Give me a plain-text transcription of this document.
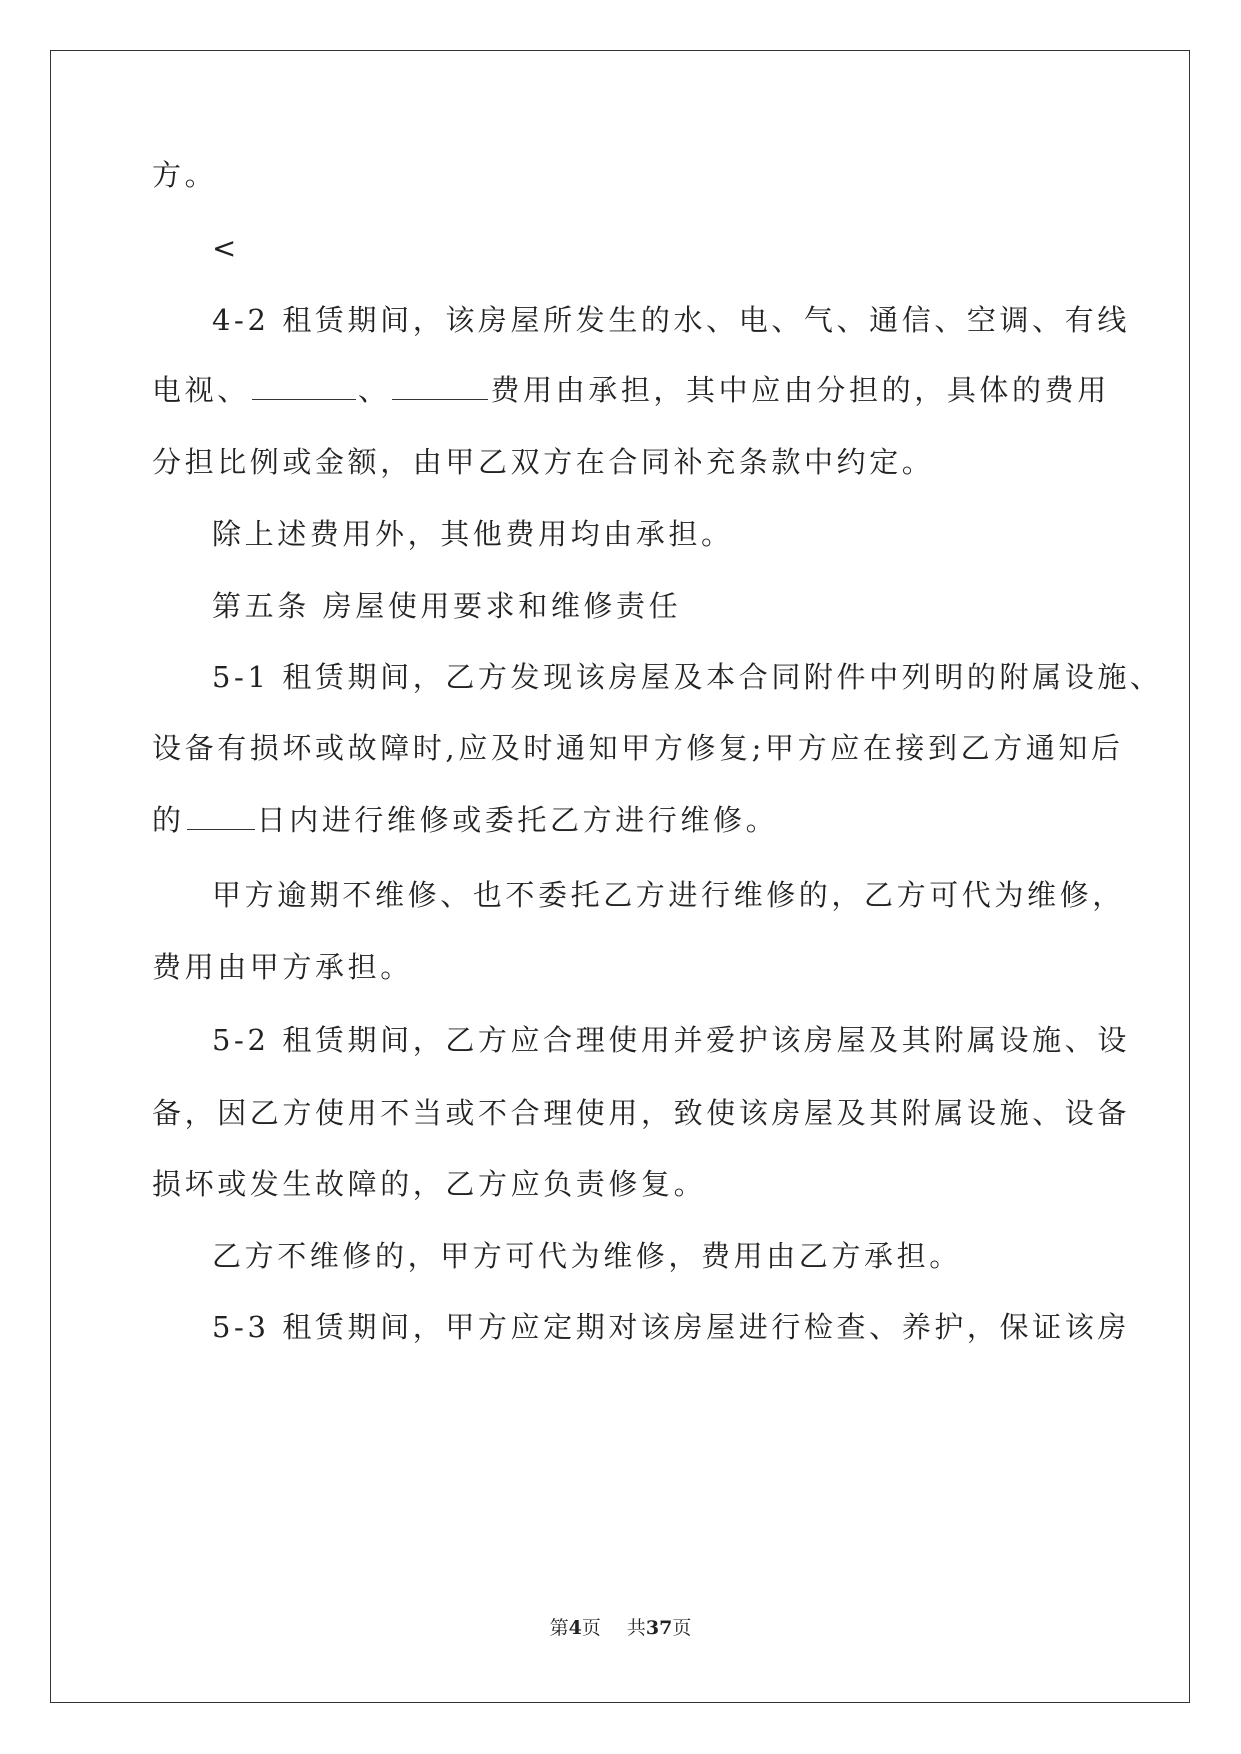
方。
<
4-2 租赁期间，该房屋所发生的水、电、气、通信、空调、有线
电视、	、	费用由承担，其中应由分担的，具体的费用
分担比例或金额，由甲乙双方在合同补充条款中约定。
除上述费用外，其他费用均由承担。
第五条 房屋使用要求和维修责任
5-1 租赁期间，乙方发现该房屋及本合同附件中列明的附属设施、
设备有损坏或故障时,应及时通知甲方修复;甲方应在接到乙方通知后
的 日内进行维修或委托乙方进行维修。
甲方逾期不维修、也不委托乙方进行维修的，乙方可代为维修，
费用由甲方承担。
5-2 租赁期间，乙方应合理使用并爱护该房屋及其附属设施、设
备，因乙方使用不当或不合理使用，致使该房屋及其附属设施、设备
损坏或发生故障的，乙方应负责修复。
乙方不维修的，甲方可代为维修，费用由乙方承担。
5-3 租赁期间，甲方应定期对该房屋进行检查、养护，保证该房
第4页 共37页
